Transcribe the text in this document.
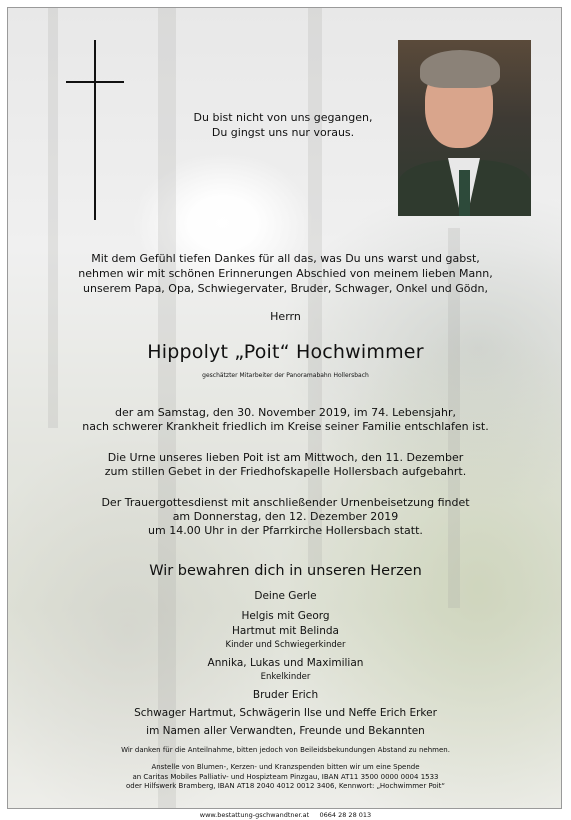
Du bist nicht von uns gegangen,
Du gingst uns nur voraus.
Mit dem Gefühl tiefen Dankes für all das, was Du uns warst und gabst,
nehmen wir mit schönen Erinnerungen Abschied von meinem lieben Mann,
unserem Papa, Opa, Schwiegervater, Bruder, Schwager, Onkel und Gödn,
Herrn
Hippolyt „Poit“ Hochwimmer
geschätzter Mitarbeiter der Panoramabahn Hollersbach
der am Samstag, den 30. November 2019, im 74. Lebensjahr,
nach schwerer Krankheit friedlich im Kreise seiner Familie entschlafen ist.
Die Urne unseres lieben Poit ist am Mittwoch, den 11. Dezember
zum stillen Gebet in der Friedhofskapelle Hollersbach aufgebahrt.
Der Trauergottesdienst mit anschließender Urnenbeisetzung findet
am Donnerstag, den 12. Dezember 2019
um 14.00 Uhr in der Pfarrkirche Hollersbach statt.
Wir bewahren dich in unseren Herzen
Deine Gerle
Helgis mit Georg
Hartmut mit Belinda
Kinder und Schwiegerkinder
Annika, Lukas und Maximilian
Enkelkinder
Bruder Erich
Schwager Hartmut, Schwägerin Ilse und Neffe Erich Erker
im Namen aller Verwandten, Freunde und Bekannten
Wir danken für die Anteilnahme, bitten jedoch von Beileidsbekundungen Abstand zu nehmen.
Anstelle von Blumen-, Kerzen- und Kranzspenden bitten wir um eine Spende
an Caritas Mobiles Palliativ- und Hospizteam Pinzgau, IBAN AT11 3500 0000 0004 1533
oder Hilfswerk Bramberg, IBAN AT18 2040 4012 0012 3406, Kennwort: „Hochwimmer Poit“
www.bestattung-gschwandtner.at     0664 28 28 013
